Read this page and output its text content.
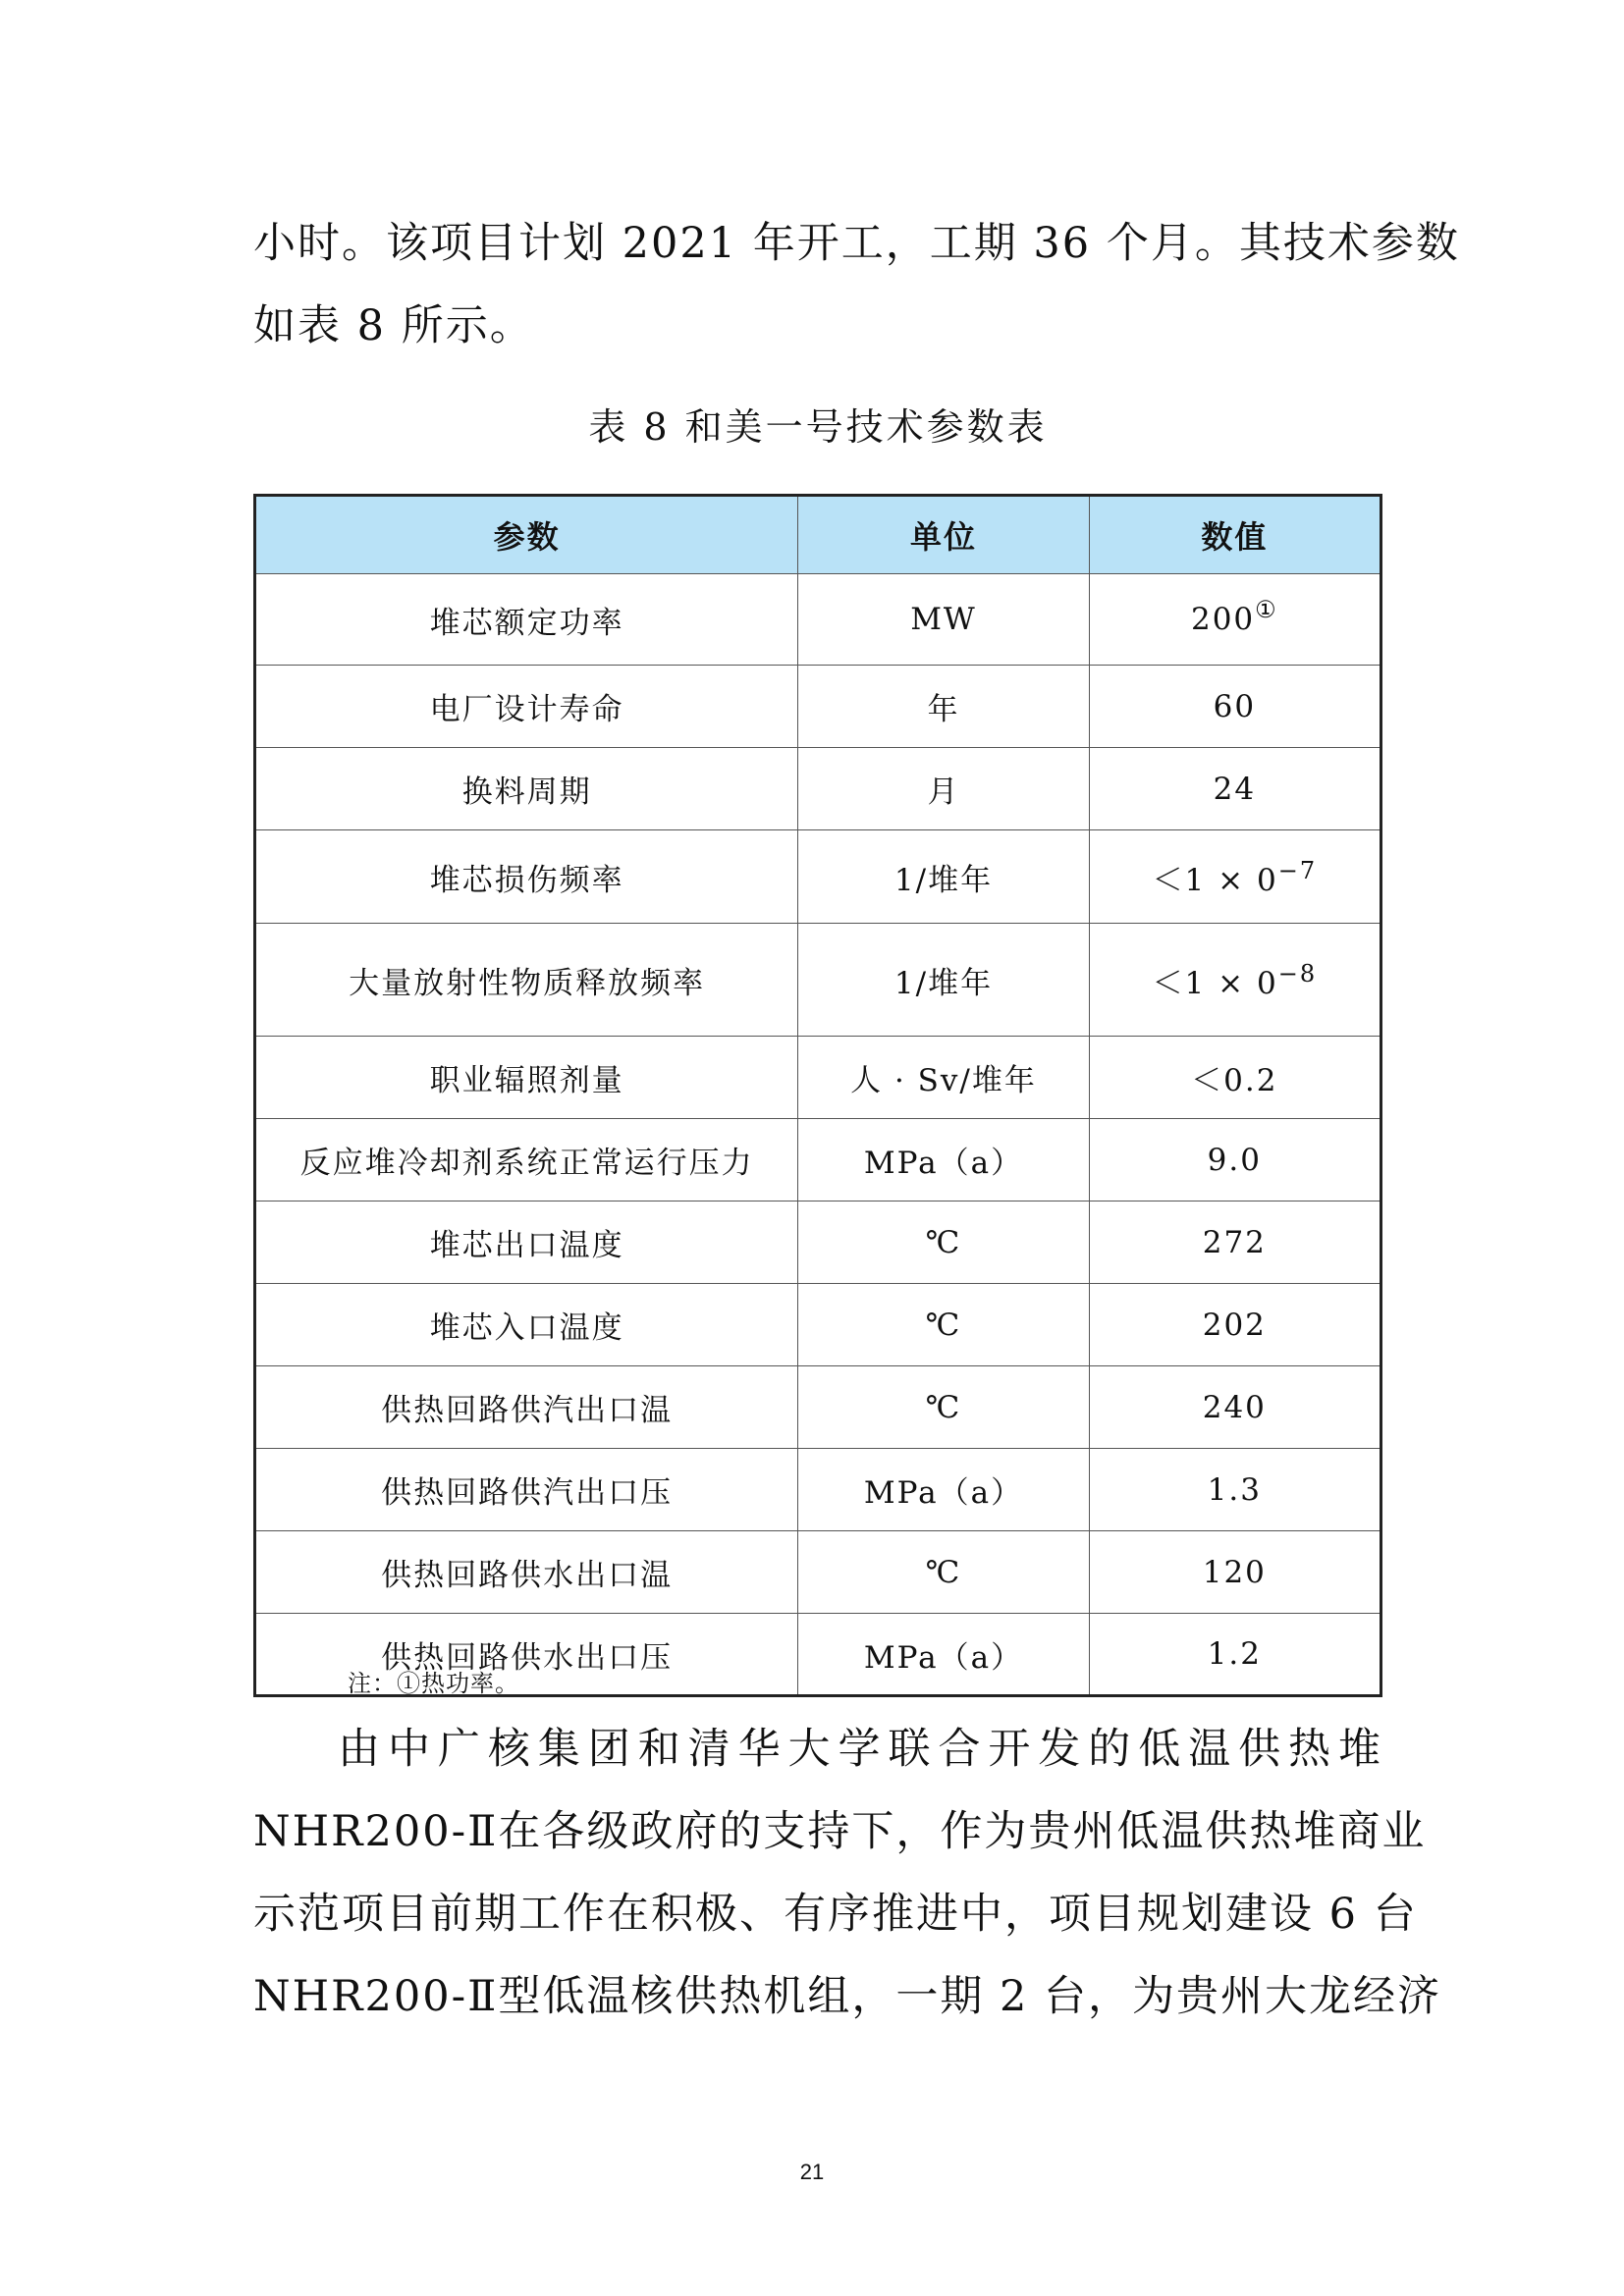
小时。该项目计划 2021 年开工，工期 36 个月。其技术参数
如表 8 所示。
表 8 和美一号技术参数表
参数	单位	数值
堆芯额定功率	MW	200①
电厂设计寿命	年	60
换料周期	月	24
堆芯损伤频率	1/堆年	$<1 \times 0^{-7}$
大量放射性物质释放频率	1/堆年	$<1 \times 0^{-8}$
职业辐照剂量	人 · Sv/堆年	＜0.2
反应堆冷却剂系统正常运行压力	MPa（a）	9.0
堆芯出口温度	℃	272
堆芯入口温度	℃	202
供热回路供汽出口温	℃	240
供热回路供汽出口压	MPa（a）	1.3
供热回路供水出口温	℃	120
供热回路供水出口压	MPa（a）	1.2
注：①热功率。
由中广核集团和清华大学联合开发的低温供热堆
NHR200-Ⅱ在各级政府的支持下，作为贵州低温供热堆商业
示范项目前期工作在积极、有序推进中，项目规划建设 6 台
NHR200-Ⅱ型低温核供热机组，一期 2 台，为贵州大龙经济
21
